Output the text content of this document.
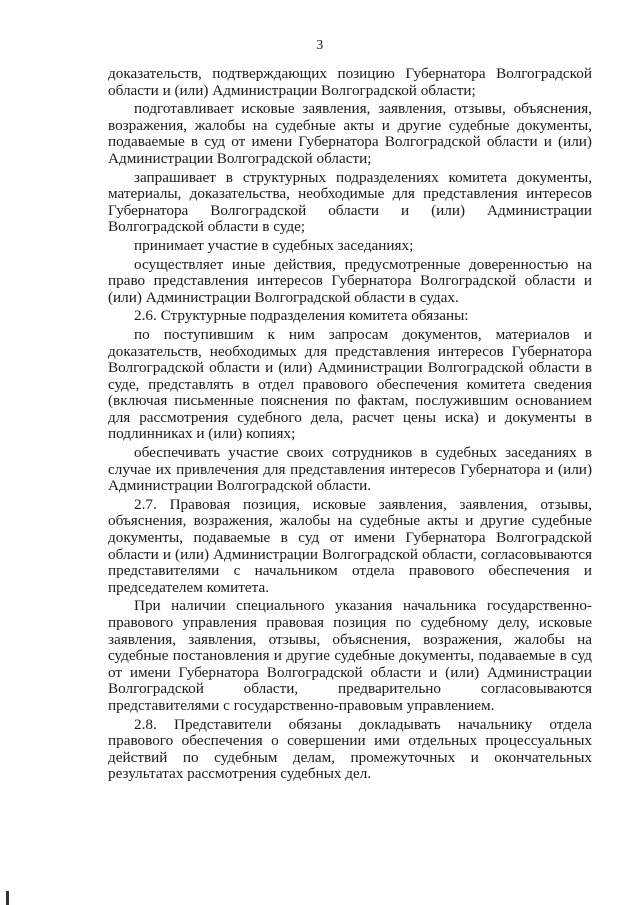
3

доказательств, подтверждающих позицию Губернатора Волгоградской области и (или) Администрации Волгоградской области;

подготавливает исковые заявления, заявления, отзывы, объяснения, возражения, жалобы на судебные акты и другие судебные документы, подаваемые в суд от имени Губернатора Волгоградской области и (или) Администрации Волгоградской области;

запрашивает в структурных подразделениях комитета документы, материалы, доказательства, необходимые для представления интересов Губернатора Волгоградской области и (или) Администрации Волгоградской области в суде;

принимает участие в судебных заседаниях;

осуществляет иные действия, предусмотренные доверенностью на право представления интересов Губернатора Волгоградской области и (или) Администрации Волгоградской области в судах.

2.6. Структурные подразделения комитета обязаны:

по поступившим к ним запросам документов, материалов и доказательств, необходимых для представления интересов Губернатора Волгоградской области и (или) Администрации Волгоградской области в суде, представлять в отдел правового обеспечения комитета сведения (включая письменные пояснения по фактам, послужившим основанием для рассмотрения судебного дела, расчет цены иска) и документы в подлинниках и (или) копиях;

обеспечивать участие своих сотрудников в судебных заседаниях в случае их привлечения для представления интересов Губернатора и (или) Администрации Волгоградской области.

2.7. Правовая позиция, исковые заявления, заявления, отзывы, объяснения, возражения, жалобы на судебные акты и другие судебные документы, подаваемые в суд от имени Губернатора Волгоградской области и (или) Администрации Волгоградской области, согласовываются представителями с начальником отдела правового обеспечения и председателем комитета.

При наличии специального указания начальника государственно-правового управления правовая позиция по судебному делу, исковые заявления, заявления, отзывы, объяснения, возражения, жалобы на судебные постановления и другие судебные документы, подаваемые в суд от имени Губернатора Волгоградской области и (или) Администрации Волгоградской области, предварительно согласовываются представителями с государственно-правовым управлением.

2.8. Представители обязаны докладывать начальнику отдела правового обеспечения о совершении ими отдельных процессуальных действий по судебным делам, промежуточных и окончательных результатах рассмотрения судебных дел.
